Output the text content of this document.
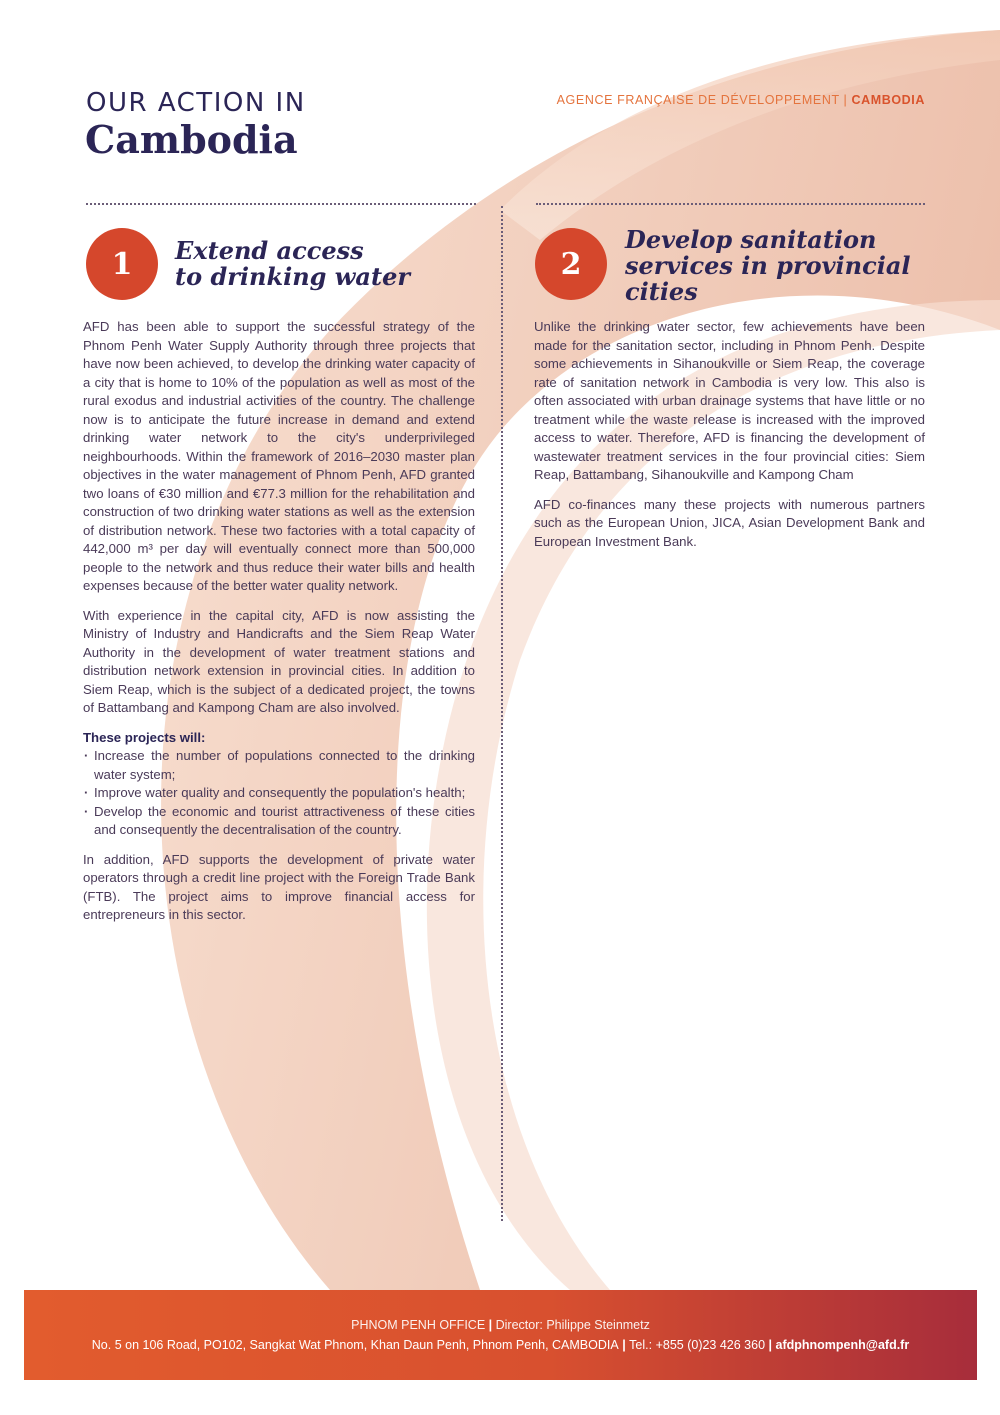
OUR ACTION IN
Cambodia
AGENCE FRANÇAISE DE DÉVELOPPEMENT | CAMBODIA
1	Extend access
to drinking water	2
Develop sanitation
services in provincial
cities

AFD has been able to support the successful strategy of the Phnom Penh Water Supply Authority through three projects that have now been achieved, to develop the drinking water capacity of a city that is home to 10% of the population as well as most of the rural exodus and industrial activities of the country. The challenge now is to anticipate the future increase in demand and extend drinking water network to the city's underprivileged neighbourhoods. Within the framework of 2016–2030 master plan objectives in the water management of Phnom Penh, AFD granted two loans of €30 million and €77.3 million for the rehabilitation and construction of two drinking water stations as well as the extension of distribution network. These two factories with a total capacity of 442,000 m³ per day will eventually connect more than 500,000 people to the network and thus reduce their water bills and health expenses because of the better water quality network.

With experience in the capital city, AFD is now assisting the Ministry of Industry and Handicrafts and the Siem Reap Water Authority in the development of water treatment stations and distribution network extension in provincial cities. In addition to Siem Reap, which is the subject of a dedicated project, the towns of Battambang and Kampong Cham are also involved.

These projects will:

· Increase the number of populations connected to the drinking water system;
· Improve water quality and consequently the population's health;
· Develop the economic and tourist attractiveness of these cities and consequently the decentralisation of the country.

In addition, AFD supports the development of private water operators through a credit line project with the Foreign Trade Bank (FTB). The project aims to improve financial access for entrepreneurs in this sector.

Unlike the drinking water sector, few achievements have been made for the sanitation sector, including in Phnom Penh. Despite some achievements in Sihanoukville or Siem Reap, the coverage rate of sanitation network in Cambodia is very low. This also is often associated with urban drainage systems that have little or no treatment while the waste release is increased with the improved access to water. Therefore, AFD is financing the development of wastewater treatment services in the four provincial cities: Siem Reap, Battambang, Sihanoukville and Kampong Cham

AFD co-finances many these projects with numerous partners such as the European Union, JICA, Asian Development Bank and European Investment Bank.

PHNOM PENH OFFICE | Director: Philippe Steinmetz
No. 5 on 106 Road, PO102, Sangkat Wat Phnom, Khan Daun Penh, Phnom Penh, CAMBODIA | Tel.: +855 (0)23 426 360 | afdphnompenh@afd.fr
